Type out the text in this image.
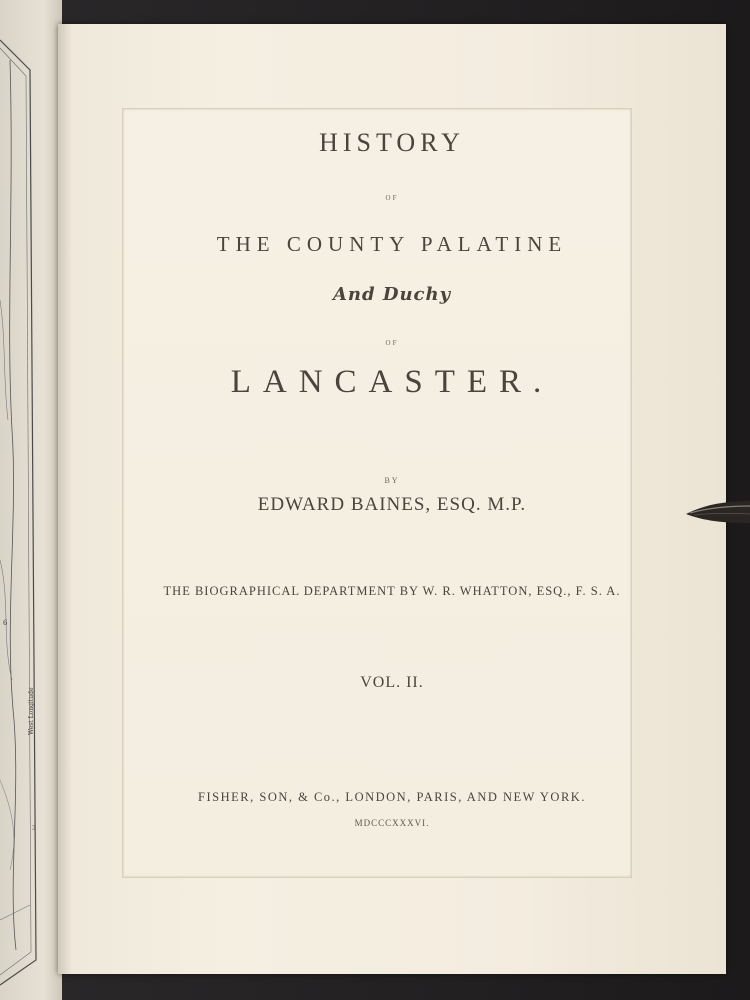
6
3
West Longitude
HISTORY
OF
THE COUNTY PALATINE
And Duchy
OF
LANCASTER.
BY
EDWARD BAINES, ESQ. M.P.
THE BIOGRAPHICAL DEPARTMENT BY W. R. WHATTON, ESQ., F. S. A.
VOL. II.
FISHER, SON, & Co., LONDON, PARIS, AND NEW YORK.
MDCCCXXXVI.
